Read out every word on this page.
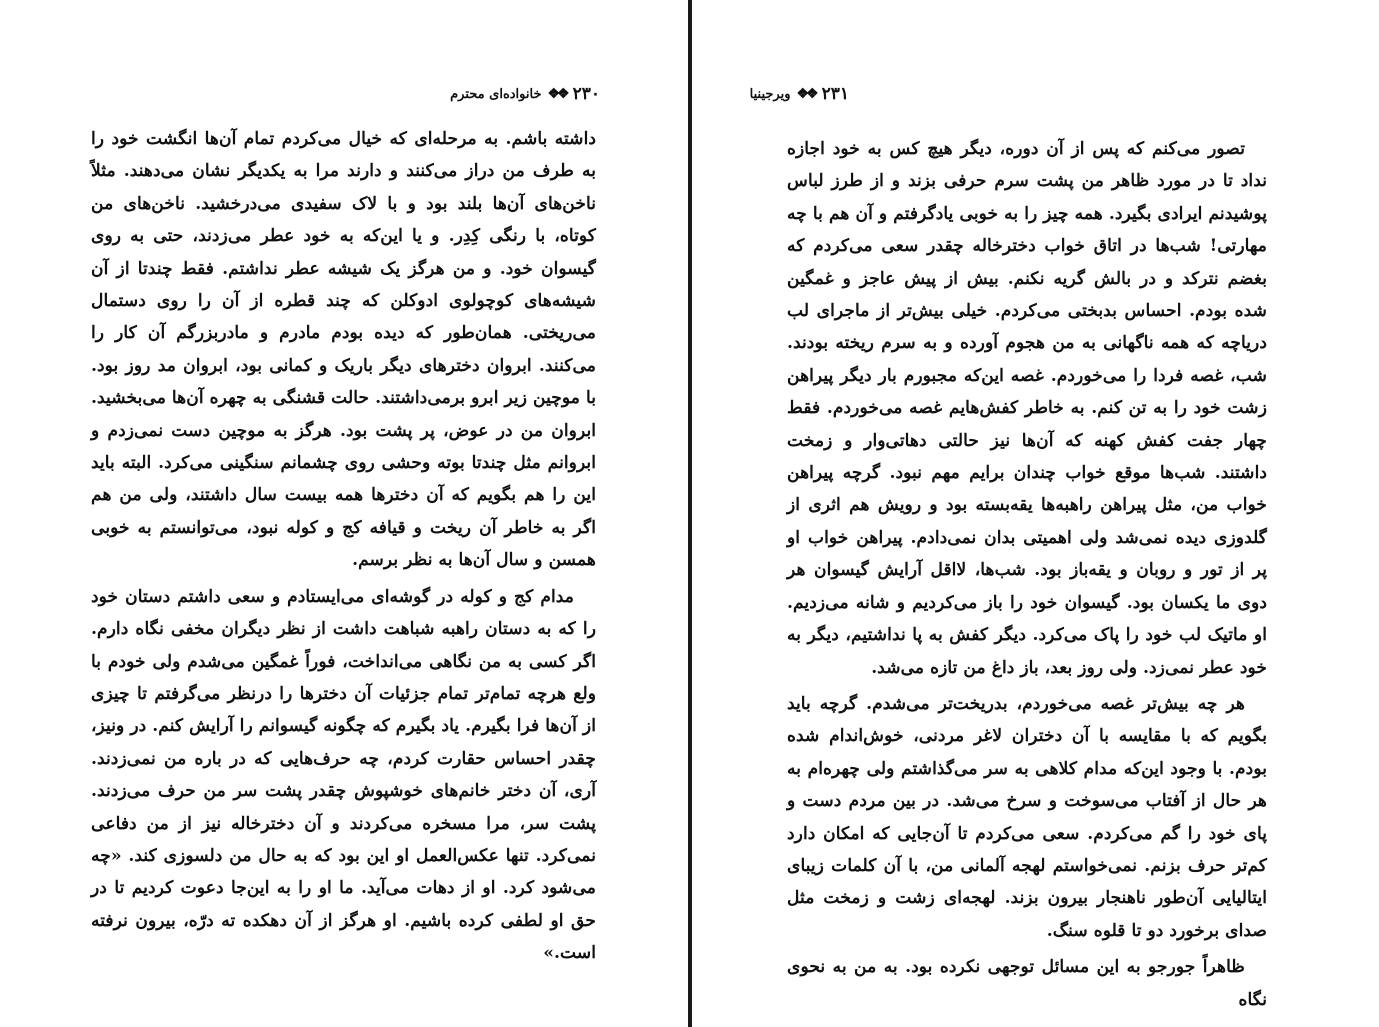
۲۳۰
❖❖
خانواده‌ای محترم

داشته باشم. به مرحله‌ای که خیال می‌کردم تمام آن‌ها انگشت خود را به طرف من دراز می‌کنند و دارند مرا به یکدیگر نشان می‌دهند. مثلاً ناخن‌های آن‌ها بلند بود و با لاک سفیدی می‌درخشید. ناخن‌های من کوتاه، با رنگی کِدِر. و یا این‌که به خود عطر می‌زدند، حتی به روی گیسوان خود. و من هرگز یک شیشه عطر نداشتم. فقط چندتا از آن شیشه‌های کوچولوی ادوکلن که چند قطره از آن را روی دستمال می‌ریختی. همان‌طور که دیده بودم مادرم و مادربزرگم آن کار را می‌کنند. ابروان دخترهای دیگر باریک و کمانی بود، ابروان مد روز بود. با موچین زیر ابرو برمی‌داشتند. حالت قشنگی به چهره آن‌ها می‌بخشید. ابروان من در عوض، پر پشت بود. هرگز به موچین دست نمی‌زدم و ابروانم مثل چندتا بوته وحشی روی چشمانم سنگینی می‌کرد. البته باید این را هم بگویم که آن دخترها همه بیست سال داشتند، ولی من هم اگر به خاطر آن ریخت و قیافه کج و کوله نبود، می‌توانستم به خوبی همسن و سال آن‌ها به نظر برسم.

مدام کج و کوله در گوشه‌ای می‌ایستادم و سعی داشتم دستان خود را که به دستان راهبه شباهت داشت از نظر دیگران مخفی نگاه دارم. اگر کسی به من نگاهی می‌انداخت، فوراً غمگین می‌شدم ولی خودم با ولع هرچه تمام‌تر تمام جزئیات آن دخترها را درنظر می‌گرفتم تا چیزی از آن‌ها فرا بگیرم. یاد بگیرم که چگونه گیسوانم را آرایش کنم. در ونیز، چقدر احساس حقارت کردم، چه حرف‌هایی که در باره من نمی‌زدند. آری، آن دختر خانم‌های خوشپوش چقدر پشت سر من حرف می‌زدند. پشت سر، مرا مسخره می‌کردند و آن دخترخاله نیز از من دفاعی نمی‌کرد. تنها عکس‌العمل او این بود که به حال من دلسوزی کند. «چه می‌شود کرد. او از دهات می‌آید. ما او را به این‌جا دعوت کردیم تا در حق او لطفی کرده باشیم. او هرگز از آن دهکده ته درّه، بیرون نرفته است.»

۲۳۱
❖❖
ویرجینیا

تصور می‌کنم که پس از آن دوره، دیگر هیچ کس به خود اجازه نداد تا در مورد ظاهر من پشت سرم حرفی بزند و از طرز لباس پوشیدنم ایرادی بگیرد. همه چیز را به خوبی یادگرفتم و آن هم با چه مهارتی! شب‌ها در اتاق خواب دخترخاله چقدر سعی می‌کردم که بغضم نترکد و در بالش گریه نکنم. بیش از پیش عاجز و غمگین شده بودم. احساس بدبختی می‌کردم. خیلی بیش‌تر از ماجرای لب دریاچه که همه ناگهانی به من هجوم آورده و به سرم ریخته بودند. شب، غصه فردا را می‌خوردم. غصه این‌که مجبورم بار دیگر پیراهن زشت خود را به تن کنم. به خاطر کفش‌هایم غصه می‌خوردم. فقط چهار جفت کفش کهنه که آن‌ها نیز حالتی دهاتی‌وار و زمخت داشتند. شب‌ها موقع خواب چندان برایم مهم نبود. گرچه پیراهن خواب من، مثل پیراهن راهبه‌ها یقه‌بسته بود و رویش هم اثری از گلدوزی دیده نمی‌شد ولی اهمیتی بدان نمی‌دادم. پیراهن خواب او پر از تور و روبان و یقه‌باز بود. شب‌ها، لااقل آرایش گیسوان هر دوی ما یکسان بود. گیسوان خود را باز می‌کردیم و شانه می‌زدیم. او ماتیک لب خود را پاک می‌کرد. دیگر کفش به پا نداشتیم، دیگر به خود عطر نمی‌زد. ولی روز بعد، باز داغ من تازه می‌شد.

هر چه بیش‌تر غصه می‌خوردم، بدریخت‌تر می‌شدم. گرچه باید بگویم که با مقایسه با آن دختران لاغر مردنی، خوش‌اندام شده بودم. با وجود این‌که مدام کلاهی به سر می‌گذاشتم ولی چهره‌ام به هر حال از آفتاب می‌سوخت و سرخ می‌شد. در بین مردم دست و پای خود را گم می‌کردم. سعی می‌کردم تا آن‌جایی که امکان دارد کم‌تر حرف بزنم. نمی‌خواستم لهجه آلمانی من، با آن کلمات زیبای ایتالیایی آن‌طور ناهنجار بیرون بزند. لهجه‌ای زشت و زمخت مثل صدای برخورد دو تا قلوه سنگ.

ظاهراً جورجو به این مسائل توجهی نکرده بود. به من به نحوی نگاه
